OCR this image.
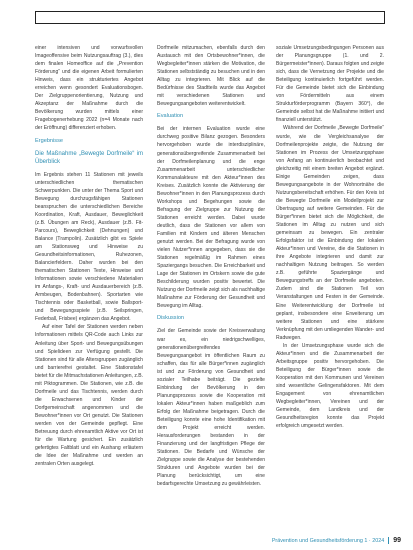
einer intensiven und vorwurfsvollen Imageoffensive beim Nutzungsauftrag (3.), dies dem finalen Homeoffice auf die „Prevention Förderung“ und die eigenen Arbeit formulierten Hinweis, dass ein strukturiertes Angebot erreichen wenn gesondert Evaluationsbogen. Der Zielgruppenorientierung, Nutzung und Akzeptanz der Maßnahme durch die Bevölkerung wurden mittels einer Fragebogenerhebung 2022 (n=4 Monate nach der Eröffnung) differenziert erhoben.

Ergebnisse
Die Maßnahme „Bewegte Dorfmeile“ im Überblick

Im Ergebnis stehen 11 Stationen mit jeweils unterschiedlichen thematischen Schwerpunkten. Die unter der Thema Sport und Bewegung durchzugsfähigen Stationen beanspruchen die unterschiedlichen Bereiche Koordination, Kraft, Ausdauer, Beweglichkeit (z.B. Übungen am Reck), Ausdauer (z.B. Fit-Parcours), Beweglichkeit (Dehnungen) und Balance (Trampolin). Zusätzlich gibt es Spiele am Stationsweg und Hinweise zu Gesundheitsinformationen, Ruhezonen, Balancierfeldern. Daher wurden bei den thematischen Stationen Texte, Hinweise und Informationen sowie verschiedene Materialien im Anfangs-, Kraft- und Ausdauerbereich (z.B. Armbeugen, Bodenbahnen). Sportarten wie Tischtennis oder Basketball, sowie Ballsport- und Bewegungsspiele (z.B. Seilspringen, Federball, Frisbee) ergänzen das Angebot.

Auf einer Tafel der Stationen werden neben Informationen mittels QR-Code auch Links zur Anleitung über Sport- und Bewegungsübungen und Spielideen zur Verfügung gestellt. Die Stationen sind für alle Altersgruppen zugänglich und barrierefrei gestaltet. Eine Stationstafel bietet für die Mitmachstationen Anleitungen, z.B. mit Piktogrammen. Die Stationen, wie z.B. die Dorfmeile und das Tischtennis, werden durch die Erwachsenen und Kinder der Dorfgemeinschaft angenommen und die Bewohner*innen vor Ort genutzt. Die Stationen werden von der Gemeinde gepflegt. Eine Betreuung durch ehrenamtlich Aktive vor Ort ist für die Wartung gesichert. Ein zusätzlich gefertigtes Faltblatt und ein Aushang erläutern die Idee der Maßnahme und werden an zentralen Orten ausgelegt.

Dorfmeile mitzumachen, ebenfalls durch den Austausch mit den Ortsbewohner*innen, die Wegbegleiter*innen stärken die Motivation, die Stationen selbstständig zu besuchen und in den Alltag zu integrieren. Mit Blick auf die Bedürfnisse des Stadtteils wurde das Angebot mit verschiedenen Stationen und Bewegungsangeboten weiterentwickelt.

Evaluation

Bei der internen Evaluation wurde eine durchweg positive Bilanz gezogen. Besonders hervorgehoben wurde die interdisziplinäre, generationsübergreifende Zusammenarbeit bei der Dorfmeilenplanung und die enge Zusammenarbeit unterschiedlicher Kommunalakteure mit den Akteur*innen des Kreises. Zusätzlich konnte die Aktivierung der Bewohner*innen in den Planungsprozess durch Workshops und Begehungen sowie die Befragung der Zielgruppe zur Nutzung der Stationen erreicht werden. Dabei wurde deutlich, dass die Stationen vor allem von Familien mit Kindern und älteren Menschen genutzt werden. Bei der Befragung wurde von vielen Nutzer*innen angegeben, dass sie die Stationen regelmäßig im Rahmen eines Spaziergangs besuchen. Die Erreichbarkeit und Lage der Stationen im Ortskern sowie die gute Beschilderung wurden positiv bewertet. Die Nutzung der Dorfmeile zeigt sich als nachhaltige Maßnahme zur Förderung der Gesundheit und Bewegung im Alltag.

Diskussion

Ziel der Gemeinde sowie der Kreisverwaltung war es, ein niedrigschwelliges, generationenübergreifendes Bewegungsangebot im öffentlichen Raum zu schaffen, das für alle Bürger*innen zugänglich ist und zur Förderung von Gesundheit und sozialer Teilhabe beiträgt. Die gezielte Einbindung der Bevölkerung in den Planungsprozess sowie die Kooperation mit lokalen Akteur*innen haben maßgeblich zum Erfolg der Maßnahme beigetragen. Durch die Beteiligung konnte eine hohe Identifikation mit dem Projekt erreicht werden. Herausforderungen bestanden in der Finanzierung und der langfristigen Pflege der Stationen. Die Bedarfe und Wünsche der Zielgruppe sowie die Analyse der bestehenden Strukturen und Angebote wurden bei der Planung berücksichtigt, um eine bedarfsgerechte Umsetzung zu gewährleisten.

soziale Umsetzungsbedingungen Personen aus der Planungsgruppe (1. und 2. Bürgermeister*innen). Daraus folgten und zeigte sich, dass die Vernetzung der Projekte und die Beteiligung kontinuierlich fortgeführt werden. Für die Gemeinde bietet sich die Einbindung von Fördermitteln aus einem Strukturförderprogramm (Bayern 360°), die Gemeinde selbst hat die Maßnahme initiiert und finanziell unterstützt.

Während der Dorfmeile „Bewegte Dorfmeile“ wurde, wie die Vergleichsanalyse der Dorfmeilenprojekte zeigte, die Nutzung der Stationen im Prozess der Umsetzungsphase von Anfang an kontinuierlich beobachtet und gleichzeitig mit einem breiten Angebot ergänzt. Einige Gemeinden zeigen, dass Bewegungsangebote in der Wohnortnähe die Nutzungsbereitschaft erhöhen. Für den Kreis ist die Bewegte Dorfmeile ein Modellprojekt zur Übertragung auf weitere Gemeinden. Für die Bürger*innen bietet sich die Möglichkeit, die Stationen im Alltag zu nutzen und sich gemeinsam zu bewegen. Ein zentraler Erfolgsfaktor ist die Einbindung der lokalen Akteur*innen und Vereine, die die Stationen in ihre Angebote integrieren und damit zur nachhaltigen Nutzung beitragen. So werden z.B. geführte Spaziergänge und Bewegungstreffs an der Dorfmeile angeboten. Zudem sind die Stationen Teil von Veranstaltungen und Festen in der Gemeinde. Eine Weiterentwicklung der Dorfmeile ist geplant, insbesondere eine Erweiterung um weitere Stationen und eine stärkere Verknüpfung mit den umliegenden Wander- und Radwegen.

In der Umsetzungsphase wurde sich die Akteur*innen und die Zusammenarbeit der Arbeitsgruppe positiv hervorgehoben. Die Beteiligung der Bürger*innen sowie die Kooperation mit den Kommunen und Vereinen sind wesentliche Gelingensfaktoren. Mit dem Engagement von ehrenamtlichen Wegbegleiter*innen, Vereinen und der Gemeinde, dem Landkreis und der Gesundheitsregion konnte das Projekt erfolgreich umgesetzt werden.

Prävention und Gesundheitsförderung 1 · 2024 99
